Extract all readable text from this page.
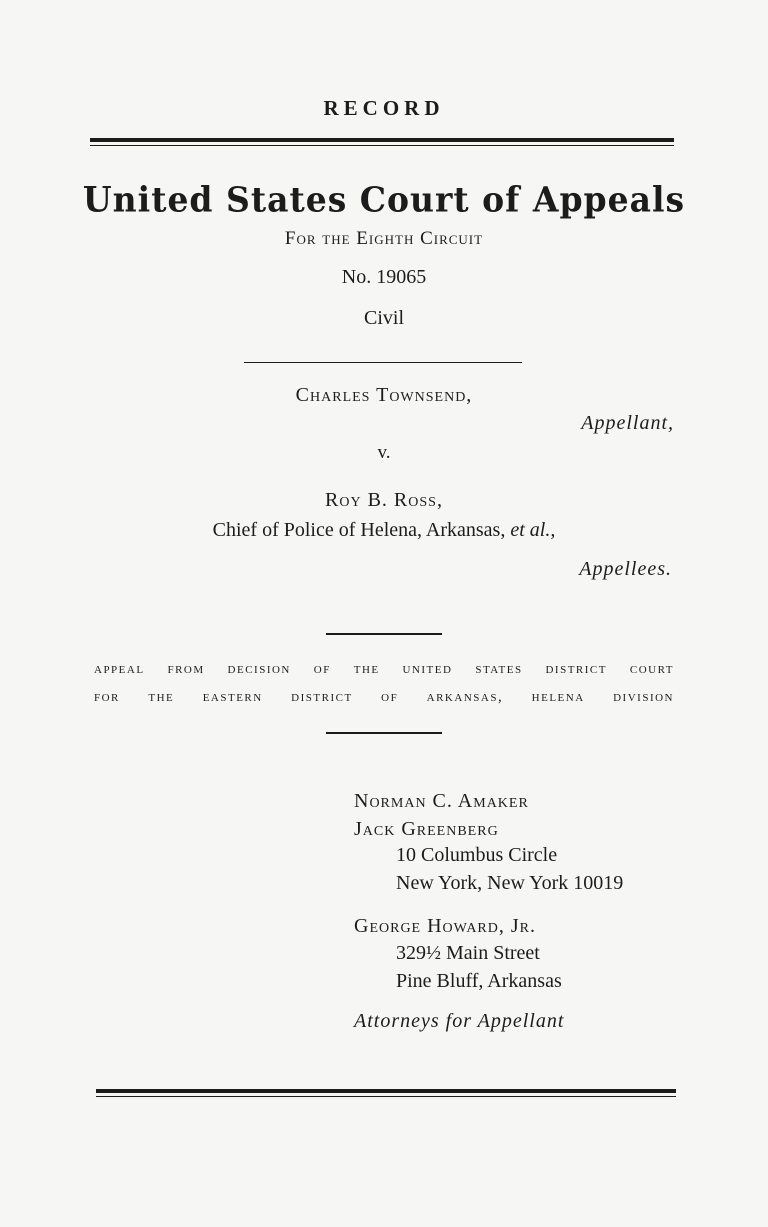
RECORD
United States Court of Appeals
For the Eighth Circuit
No. 19065
Civil
Charles Townsend,
Appellant,
v.
Roy B. Ross,
Chief of Police of Helena, Arkansas, et al.,
Appellees.
appeal from decision of the united states district court
for the eastern district of arkansas, helena division
Norman C. Amaker
Jack Greenberg
10 Columbus Circle
New York, New York 10019
George Howard, Jr.
329½ Main Street
Pine Bluff, Arkansas
Attorneys for Appellant
